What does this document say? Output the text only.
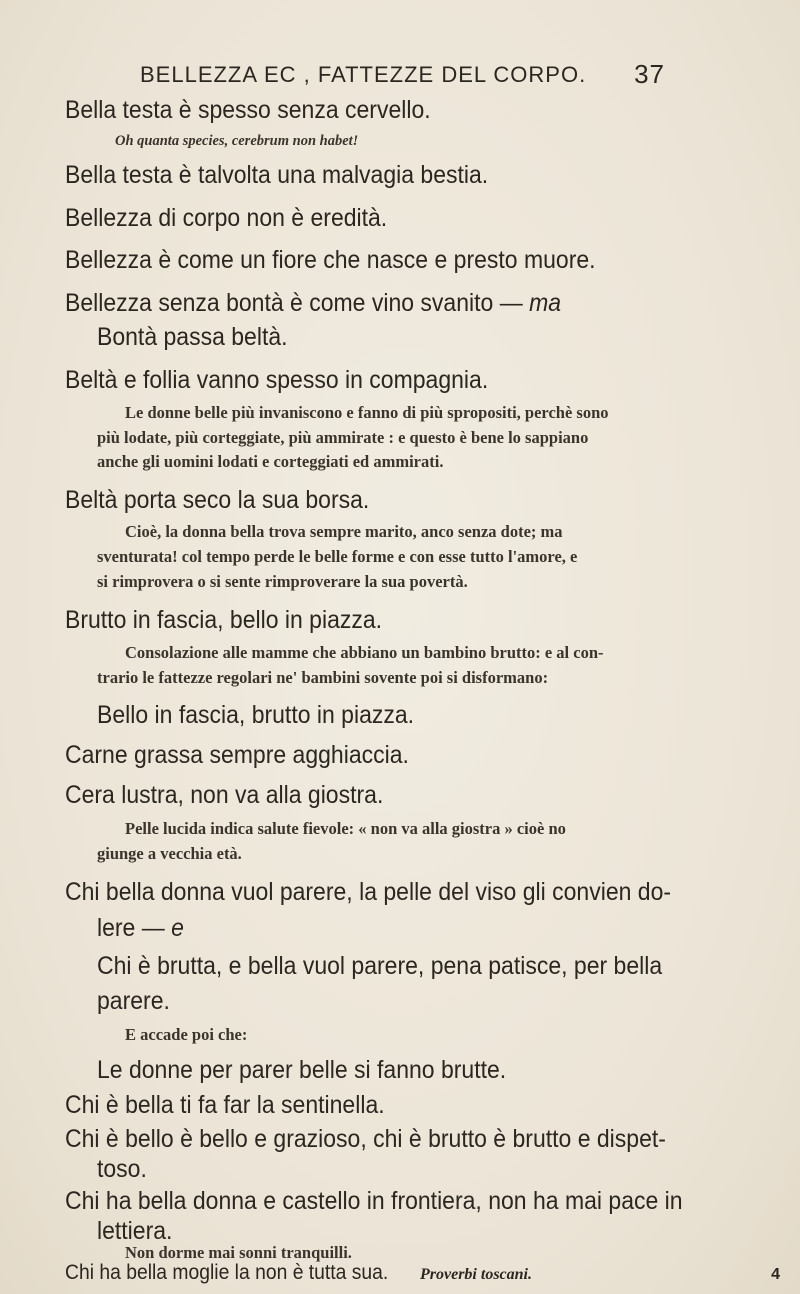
BELLEZZA EC , FATTEZZE DEL CORPO. 37

Bella testa è spesso senza cervello.

Oh quanta species, cerebrum non habet!

Bella testa è talvolta una malvagia bestia.

Bellezza di corpo non è eredità.

Bellezza è come un fiore che nasce e presto muore.

Bellezza senza bontà è come vino svanito — ma

Bontà passa beltà.

Beltà e follia vanno spesso in compagnia.

Le donne belle più invaniscono e fanno di più spropositi, perchè sono

più lodate, più corteggiate, più ammirate : e questo è bene lo sappiano

anche gli uomini lodati e corteggiati ed ammirati.

Beltà porta seco la sua borsa.

Cioè, la donna bella trova sempre marito, anco senza dote; ma

sventurata! col tempo perde le belle forme e con esse tutto l'amore, e

si rimprovera o si sente rimproverare la sua povertà.

Brutto in fascia, bello in piazza.

Consolazione alle mamme che abbiano un bambino brutto: e al con-

trario le fattezze regolari ne' bambini sovente poi si disformano:

Bello in fascia, brutto in piazza.

Carne grassa sempre agghiaccia.

Cera lustra, non va alla giostra.

Pelle lucida indica salute fievole: « non va alla giostra » cioè no

giunge a vecchia età.

Chi bella donna vuol parere, la pelle del viso gli convien do-

lere — e

Chi è brutta, e bella vuol parere, pena patisce, per bella

parere.

E accade poi che:

Le donne per parer belle si fanno brutte.

Chi è bella ti fa far la sentinella.

Chi è bello è bello e grazioso, chi è brutto è brutto e dispet-

toso.

Chi ha bella donna e castello in frontiera, non ha mai pace in

lettiera.

Non dorme mai sonni tranquilli.

Chi ha bella moglie la non è tutta sua. Proverbi toscani.	4
